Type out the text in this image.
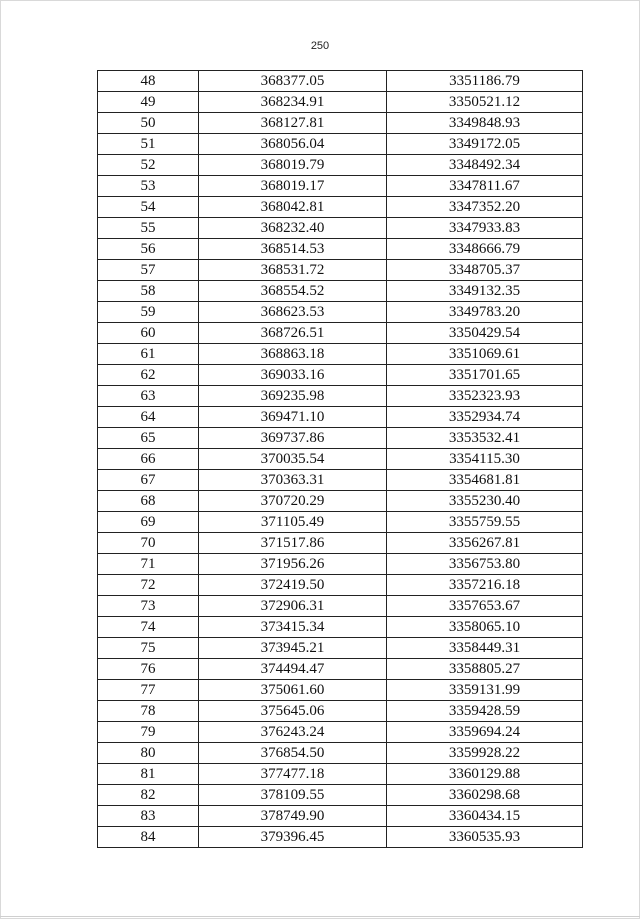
250
48	368377.05	3351186.79
49	368234.91	3350521.12
50	368127.81	3349848.93
51	368056.04	3349172.05
52	368019.79	3348492.34
53	368019.17	3347811.67
54	368042.81	3347352.20
55	368232.40	3347933.83
56	368514.53	3348666.79
57	368531.72	3348705.37
58	368554.52	3349132.35
59	368623.53	3349783.20
60	368726.51	3350429.54
61	368863.18	3351069.61
62	369033.16	3351701.65
63	369235.98	3352323.93
64	369471.10	3352934.74
65	369737.86	3353532.41
66	370035.54	3354115.30
67	370363.31	3354681.81
68	370720.29	3355230.40
69	371105.49	3355759.55
70	371517.86	3356267.81
71	371956.26	3356753.80
72	372419.50	3357216.18
73	372906.31	3357653.67
74	373415.34	3358065.10
75	373945.21	3358449.31
76	374494.47	3358805.27
77	375061.60	3359131.99
78	375645.06	3359428.59
79	376243.24	3359694.24
80	376854.50	3359928.22
81	377477.18	3360129.88
82	378109.55	3360298.68
83	378749.90	3360434.15
84	379396.45	3360535.93
